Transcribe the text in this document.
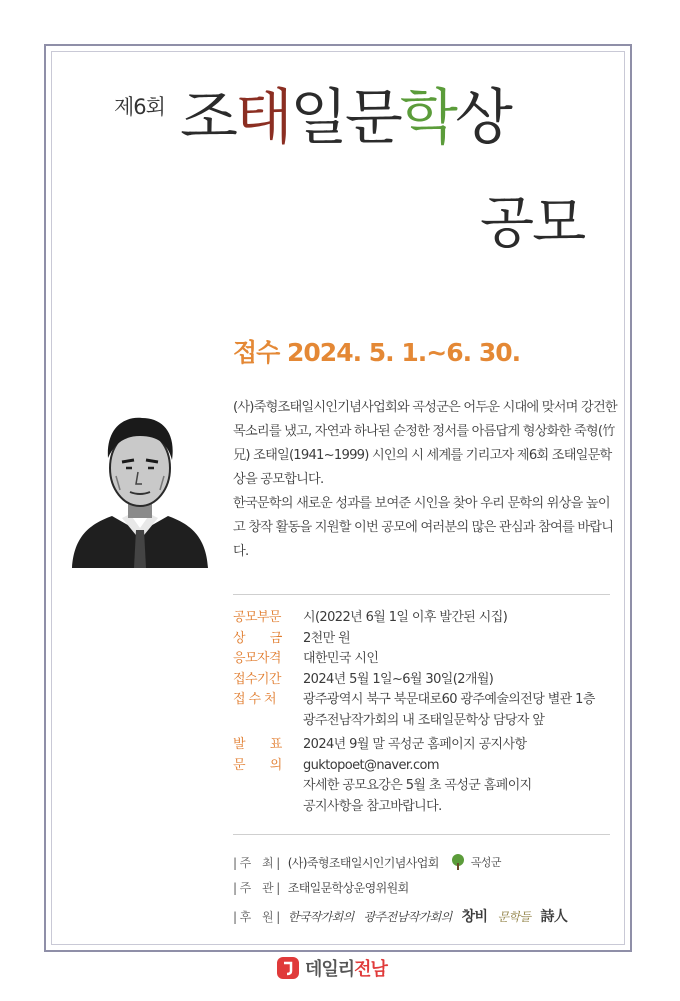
제6회 조태일문학상
공모
접수 2024. 5. 1.~6. 30.

(사)죽형조태일시인기념사업회와 곡성군은 어두운 시대에 맞서며 강건한 목소리를 냈고, 자연과 하나된 순정한 정서를 아름답게 형상화한 죽형(竹兄) 조태일(1941~1999) 시인의 시 세계를 기리고자 제6회 조태일문학상을 공모합니다.

한국문학의 새로운 성과를 보여준 시인을 찾아 우리 문학의 위상을 높이고 창작 활동을 지원할 이번 공모에 여러분의 많은 관심과 참여를 바랍니다.

공모부문	시(2022년 6월 1일 이후 발간된 시집)
상　　금	2천만 원
응모자격	대한민국 시인
접수기간	2024년 5월 1일~6월 30일(2개월)
접 수 처	광주광역시 북구 북문대로60 광주예술의전당 별관 1층
광주전남작가회의 내 조태일문학상 담당자 앞
발　　표	2024년 9월 말 곡성군 홈페이지 공지사항
문　　의	guktopoet@naver.com
자세한 공모요강은 5월 초 곡성군 홈페이지
공지사항을 참고바랍니다.
| 주　최 | (사)죽형조태일시인기념사업회	곡성군
| 주　관 | 조태일문학상운영위원회
| 후　원 | 한국작가회의 광주전남작가회의 창비 문학들 詩人
데일리 전남
